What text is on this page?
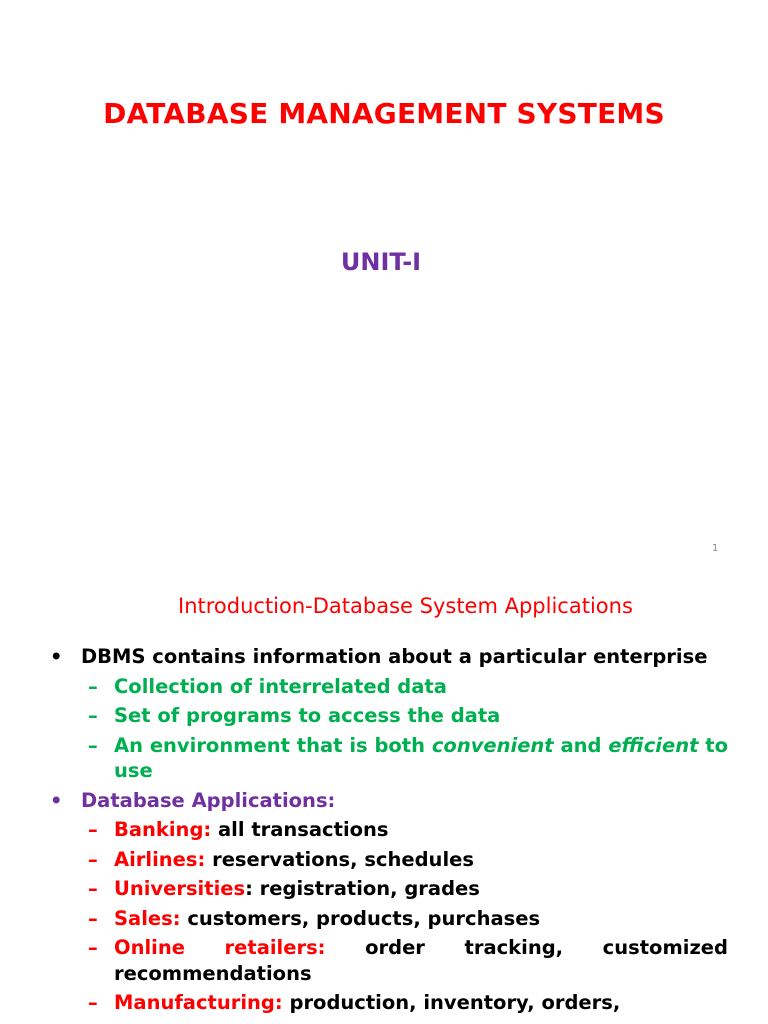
DATABASE MANAGEMENT SYSTEMS
UNIT-I
1
Introduction-Database System Applications
• DBMS contains information about a particular enterprise
– Collection of interrelated data
– Set of programs to access the data
– An environment that is both convenient and efficient to use
• Database Applications:
– Banking: all transactions
– Airlines: reservations, schedules
– Universities: registration, grades
– Sales: customers, products, purchases
– Online retailers: order tracking, customized recommendations
– Manufacturing: production, inventory, orders,
